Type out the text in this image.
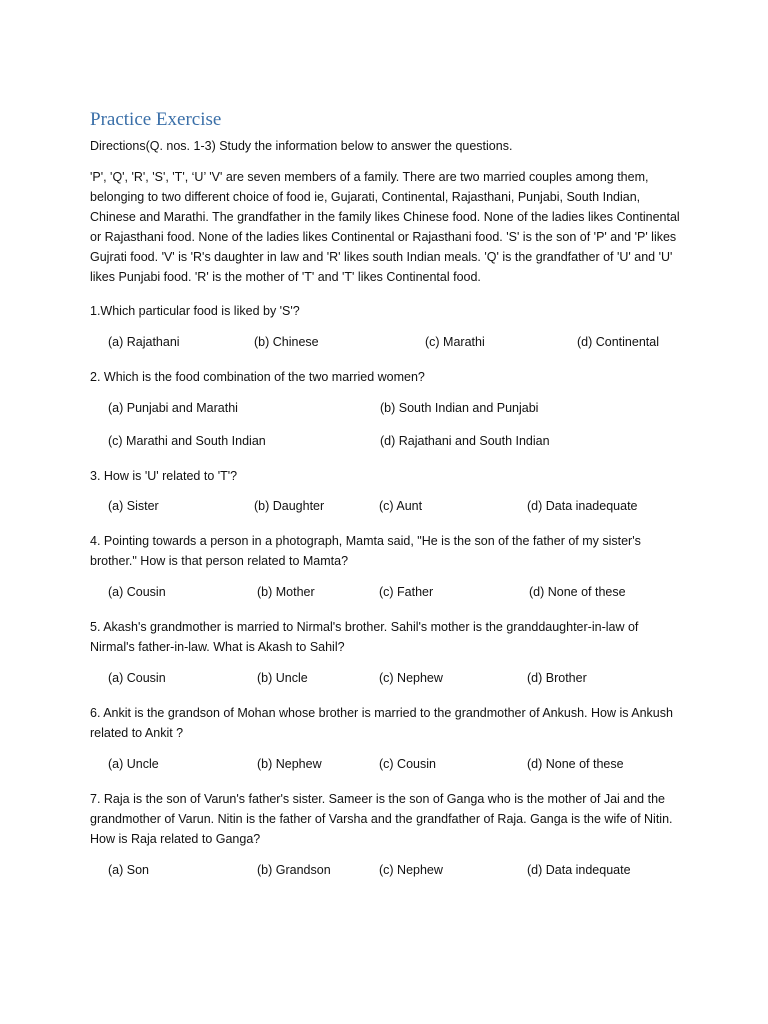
Practice Exercise
Directions(Q. nos. 1-3) Study the information below to answer the questions.
'P', 'Q', 'R', 'S', 'T', ‘U’ 'V' are seven members of a family. There are two married couples among them, belonging to two different choice of food ie, Gujarati, Continental, Rajasthani, Punjabi, South Indian, Chinese and Marathi. The grandfather in the family likes Chinese food. None of the ladies likes Continental or Rajasthani food. None of the ladies likes Continental or Rajasthani food. 'S' is the son of 'P' and 'P' likes Gujrati food. 'V' is 'R's daughter in law and 'R' likes south Indian meals. 'Q' is the grandfather of 'U' and 'U' likes Punjabi food. 'R' is the mother of 'T' and 'T' likes Continental food.
1.Which particular food is liked by 'S'?
(a) Rajathani	(b) Chinese	(c) Marathi	(d) Continental
2. Which is the food combination of the two married women?
(a) Punjabi and Marathi	(b) South Indian and Punjabi
(c) Marathi and South Indian	(d) Rajathani and South Indian
3. How is 'U' related to 'T'?
(a) Sister	(b) Daughter	(c) Aunt	(d) Data inadequate
4. Pointing towards a person in a photograph, Mamta said, "He is the son of the father of my sister's brother." How is that person related to Mamta?
(a) Cousin	(b) Mother	(c) Father	(d) None of these
5. Akash's grandmother is married to Nirmal's brother. Sahil's mother is the granddaughter-in-law of Nirmal's father-in-law. What is Akash to Sahil?
(a) Cousin	(b) Uncle	(c) Nephew	(d) Brother
6. Ankit is the grandson of Mohan whose brother is married to the grandmother of Ankush. How is Ankush related to Ankit ?
(a) Uncle	(b) Nephew	(c) Cousin	(d) None of these
7. Raja is the son of Varun's father's sister. Sameer is the son of Ganga who is the mother of Jai and the grandmother of Varun. Nitin is the father of Varsha and the grandfather of Raja. Ganga is the wife of Nitin. How is Raja related to Ganga?
(a) Son	(b) Grandson	(c) Nephew	(d) Data indequate
